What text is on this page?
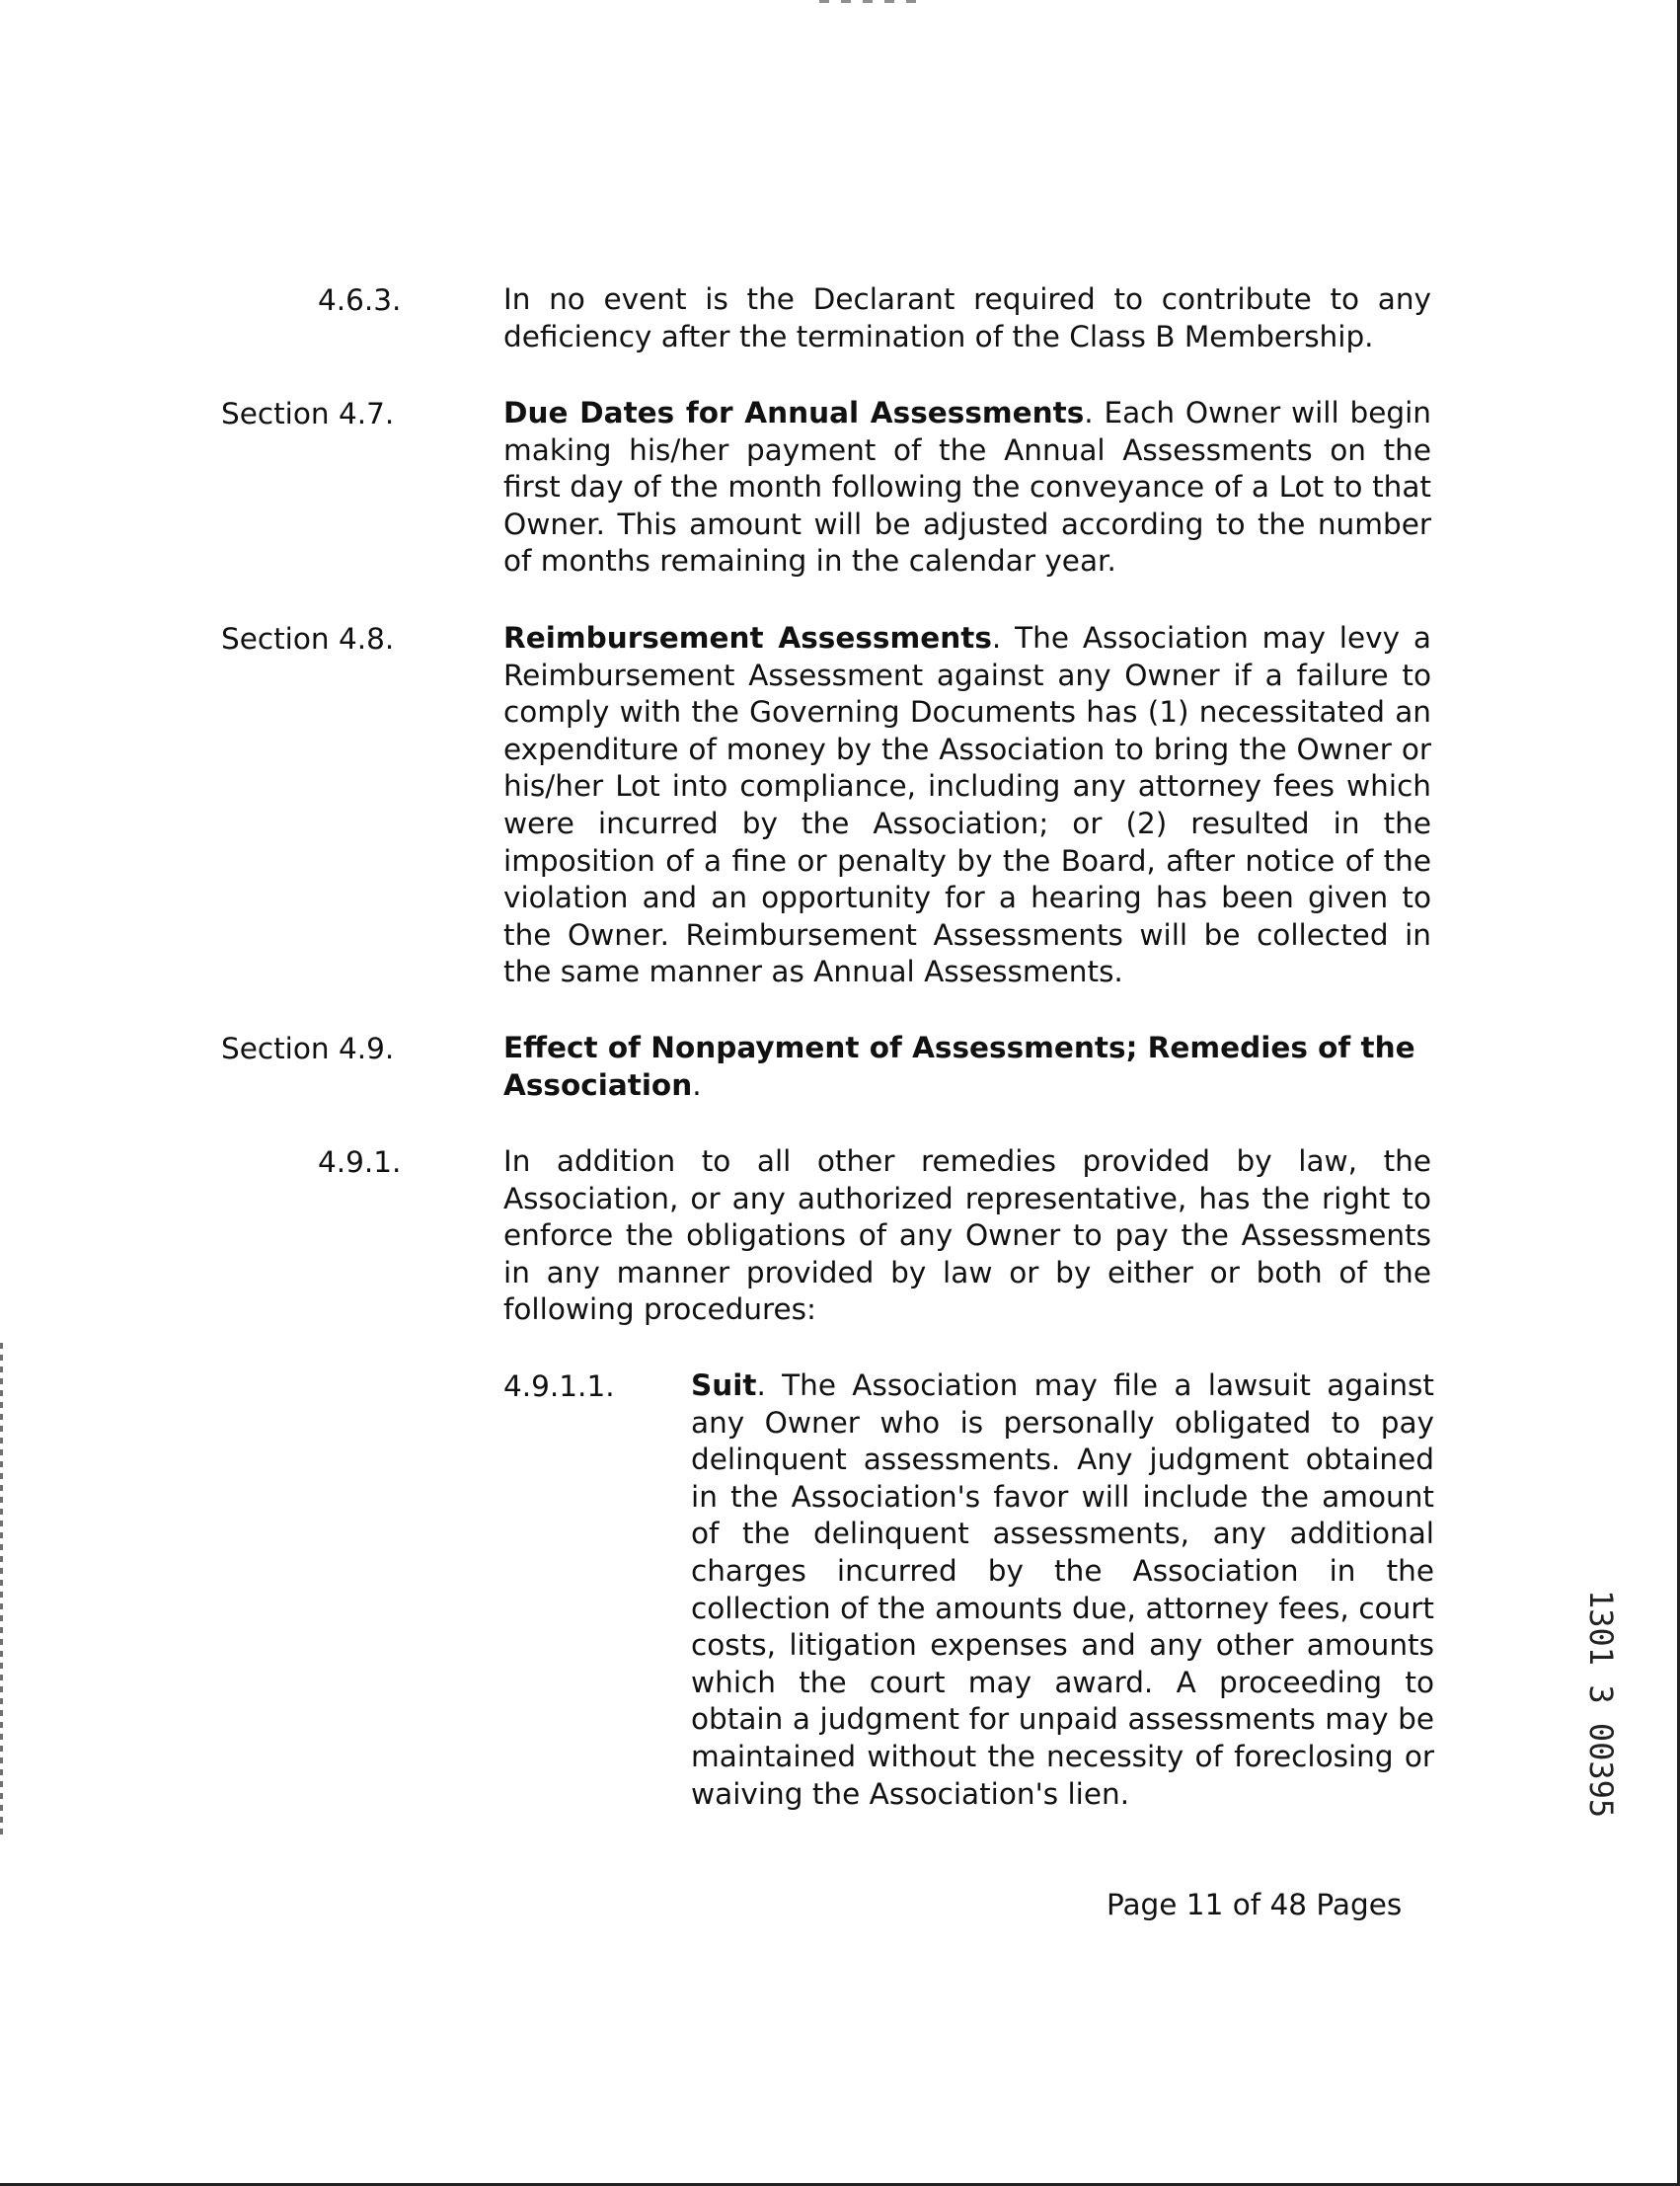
4.6.3.	In no event is the Declarant required to contribute to any deficiency after the termination of the Class B Membership.
Section 4.7.	Due Dates for Annual Assessments. Each Owner will begin making his/her payment of the Annual Assessments on the first day of the month following the conveyance of a Lot to that Owner. This amount will be adjusted according to the number of months remaining in the calendar year.
Section 4.8.	Reimbursement Assessments. The Association may levy a Reimbursement Assessment against any Owner if a failure to comply with the Governing Documents has (1) necessitated an expenditure of money by the Association to bring the Owner or his/her Lot into compliance, including any attorney fees which were incurred by the Association; or (2) resulted in the imposition of a fine or penalty by the Board, after notice of the violation and an opportunity for a hearing has been given to the Owner. Reimbursement Assessments will be collected in the same manner as Annual Assessments.
Section 4.9.	Effect of Nonpayment of Assessments; Remedies of the Association.
4.9.1.	In addition to all other remedies provided by law, the Association, or any authorized representative, has the right to enforce the obligations of any Owner to pay the Assessments in any manner provided by law or by either or both of the following procedures:
4.9.1.1.	Suit. The Association may file a lawsuit against any Owner who is personally obligated to pay delinquent assessments. Any judgment obtained in the Association's favor will include the amount of the delinquent assessments, any additional charges incurred by the Association in the collection of the amounts due, attorney fees, court costs, litigation expenses and any other amounts which the court may award. A proceeding to obtain a judgment for unpaid assessments may be maintained without the necessity of foreclosing or waiving the Association's lien.
Page 11 of 48 Pages
1301 3 00395
